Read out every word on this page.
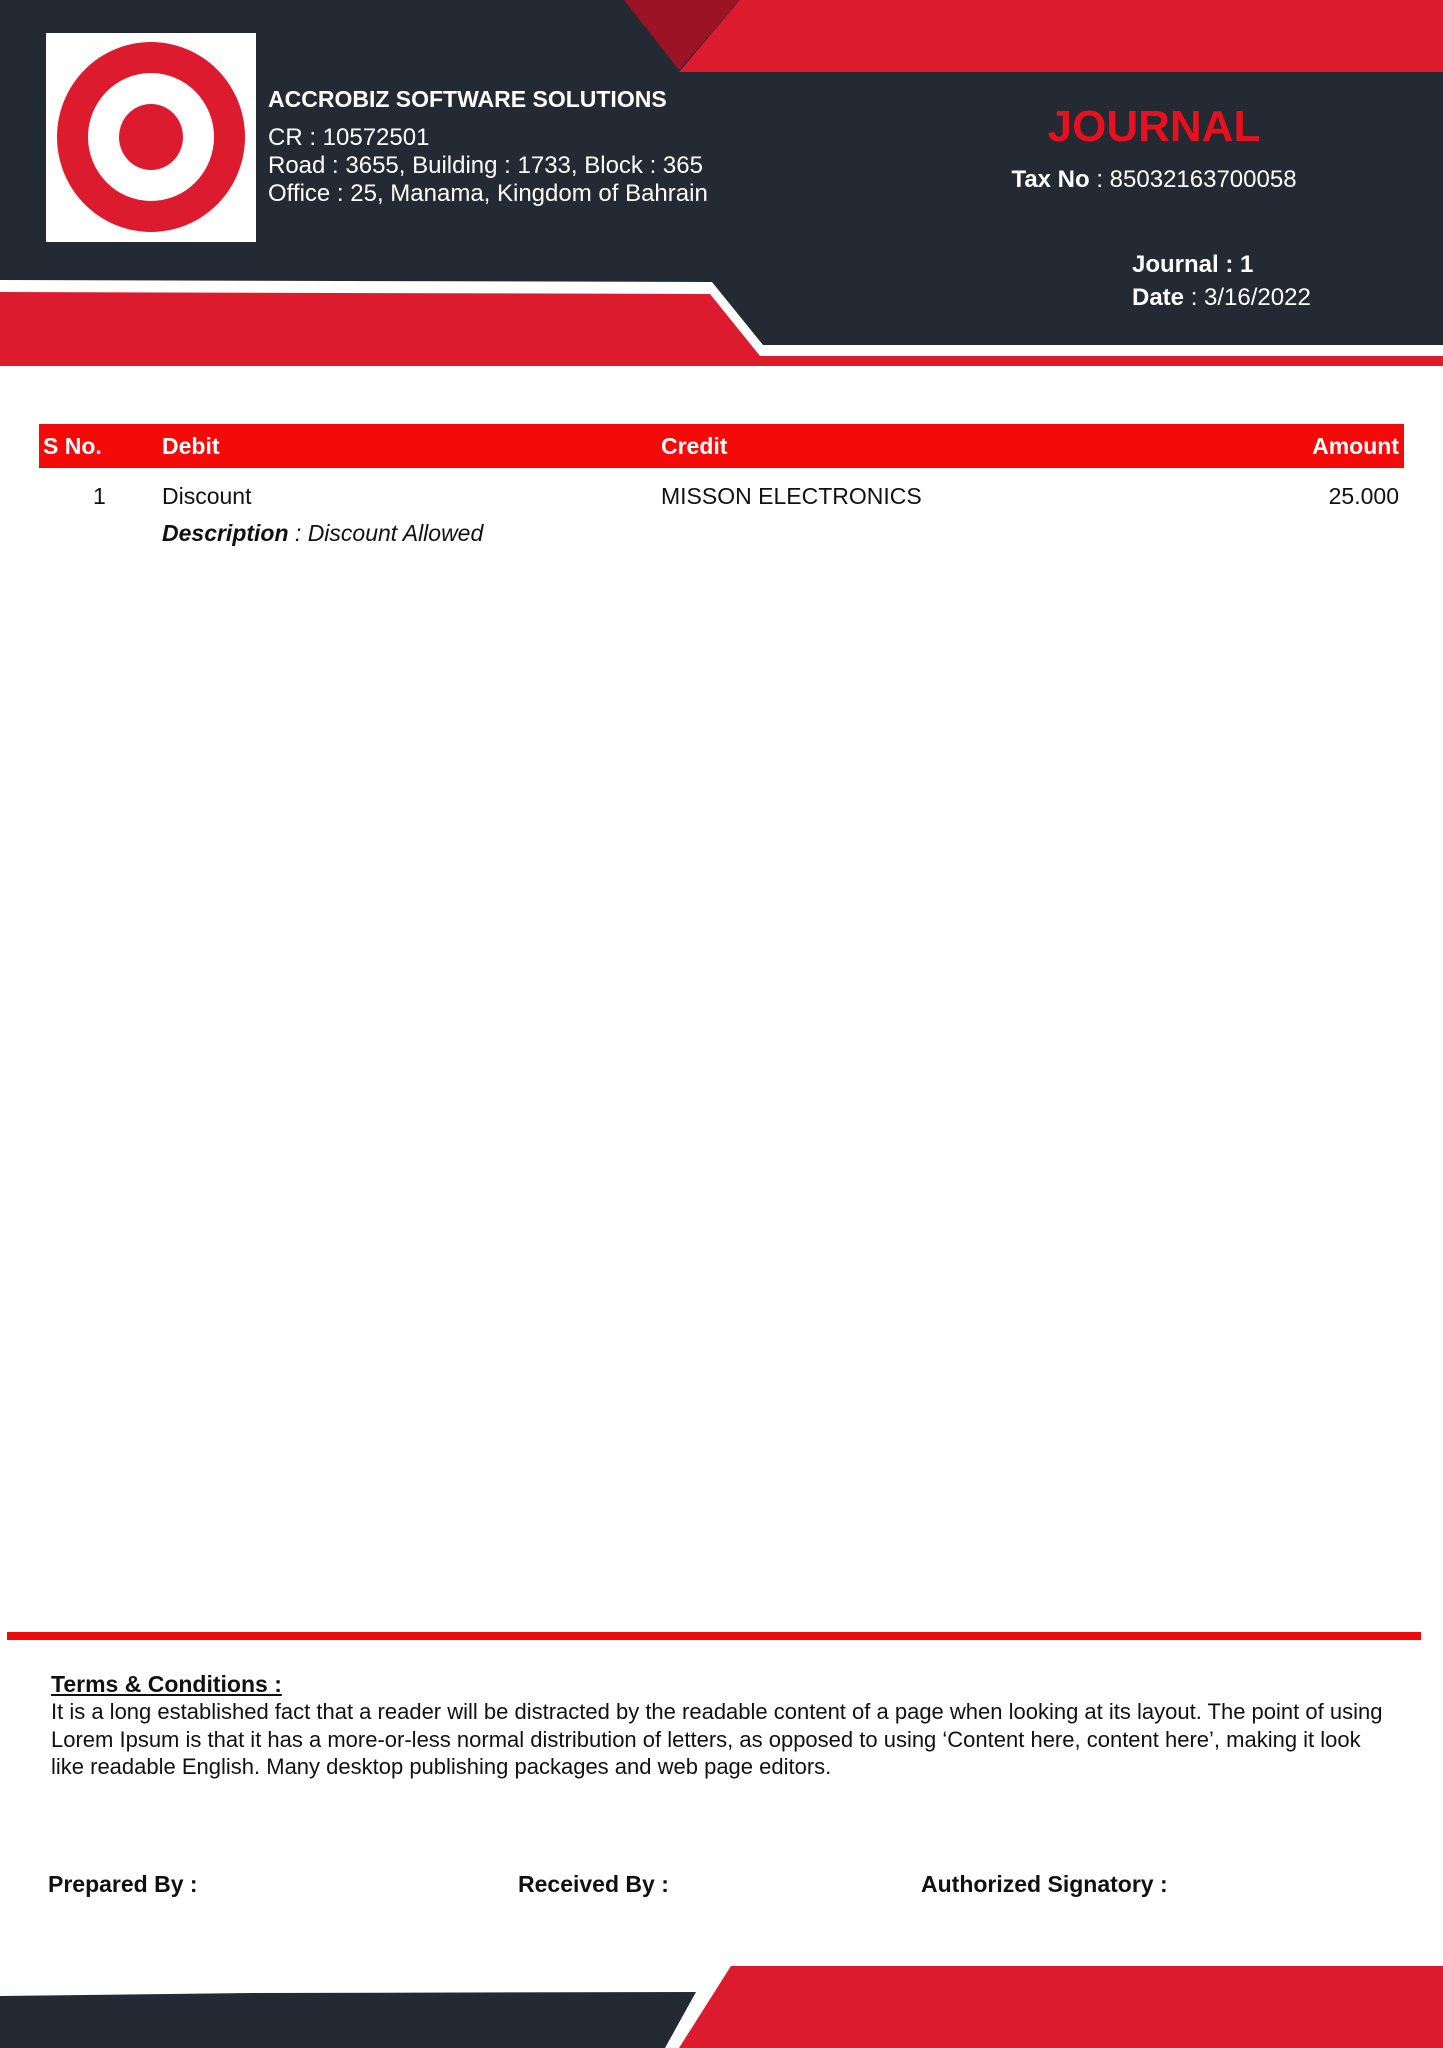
ACCROBIZ SOFTWARE SOLUTIONS
CR : 10572501
Road : 3655, Building : 1733, Block : 365
Office : 25, Manama, Kingdom of Bahrain
JOURNAL
Tax No : 85032163700058
Journal : 1
Date : 3/16/2022
S No.	Debit	Credit	Amount
1 Discount	MISSON ELECTRONICS	25.000
Description : Discount Allowed
Terms & Conditions :
It is a long established fact that a reader will be distracted by the readable content of a page when looking at its layout. The point of using Lorem Ipsum is that it has a more-or-less normal distribution of letters, as opposed to using ‘Content here, content here’, making it look like readable English. Many desktop publishing packages and web page editors.
Prepared By :	Received By :	Authorized Signatory :
